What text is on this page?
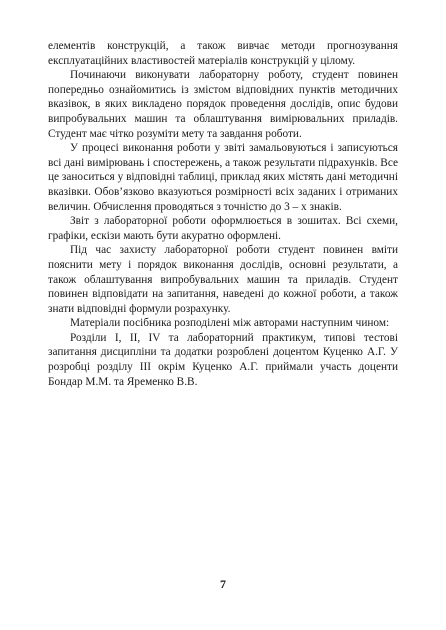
елементів конструкцій, а також вивчає методи прогнозування експлуатаційних властивостей матеріалів конструкцій у цілому.

Починаючи виконувати лабораторну роботу, студент повинен попередньо ознайомитись із змістом відповідних пунктів методичних вказівок, в яких викладено порядок проведення дослідів, опис будови випробувальних машин та облаштування вимірювальних приладів. Студент має чітко розуміти мету та завдання роботи.

У процесі виконання роботи у звіті замальовуються і записуються всі дані вимірювань і спостережень, а також результати підрахунків. Все це заноситься у відповідні таблиці, приклад яких містять дані методичні вказівки. Обов’язково вказуються розмірності всіх заданих і отриманих величин. Обчислення проводяться з точністю до 3 – х знаків.

Звіт з лабораторної роботи оформлюється в зошитах. Всі схеми, графіки, ескізи мають бути акуратно оформлені.

Під час захисту лабораторної роботи студент повинен вміти пояснити мету і порядок виконання дослідів, основні результати, а також облаштування випробувальних машин та приладів. Студент повинен відповідати на запитання, наведені до кожної роботи, а також знати відповідні формули розрахунку.

Матеріали посібника розподілені між авторами наступним чином:

Розділи I, II, IV та лабораторний практикум, типові тестові запитання дисципліни та додатки розроблені доцентом Куценко А.Г. У розробці розділу III окрім Куценко А.Г. приймали участь доценти Бондар М.М. та Яременко В.В.

7
